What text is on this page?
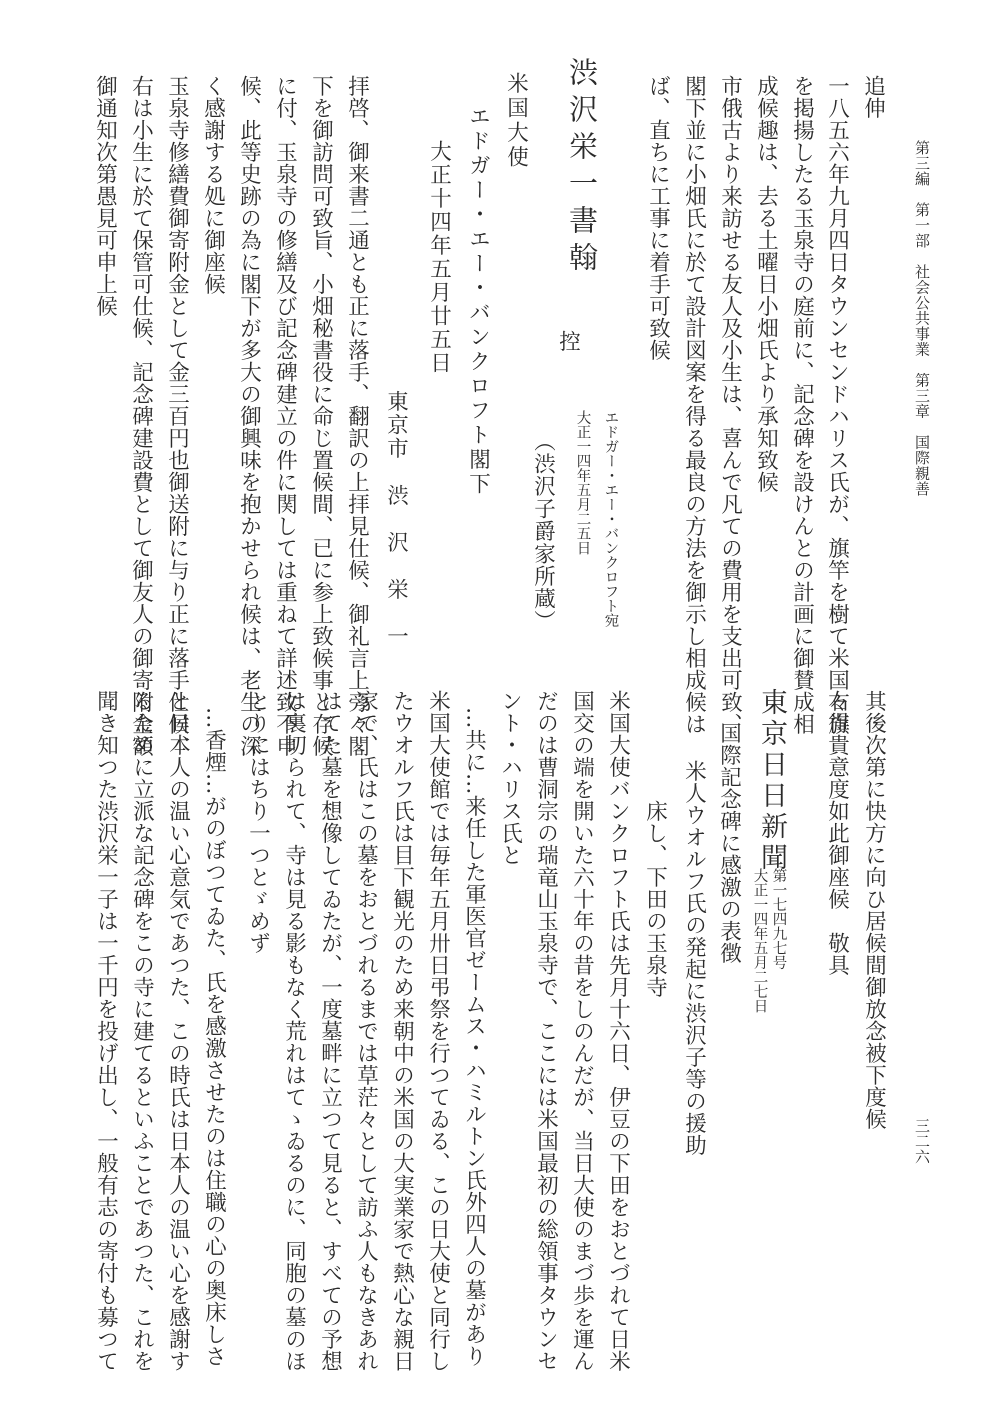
第三編　第一部　社会公共事業　第三章　国際親善
三二六
追伸
一八五六年九月四日タウンセンドハリス氏が、旗竿を樹て米国々旗
を掲揚したる玉泉寺の庭前に、記念碑を設けんとの計画に御賛成相
成候趣は、去る土曜日小畑氏より承知致候
市俄古より来訪せる友人及小生は、喜んで凡ての費用を支出可致、
閣下並に小畑氏に於て設計図案を得る最良の方法を御示し相成候は
ば、直ちに工事に着手可致候
（渋沢子爵家所蔵）	エドガー・エー・バンクロフト宛
大正一四年五月二五日
渋沢栄一書翰
控
米国大使
エドガー・エー・バンクロフト閣下
大正十四年五月廿五日
東京市　渋　沢　栄　一
拝啓、御来書二通とも正に落手、翻訳の上拝見仕候、御礼言上旁々閣
下を御訪問可致旨、小畑秘書役に命じ置候間、已に参上致候事と存候
に付、玉泉寺の修繕及び記念碑建立の件に関しては重ねて詳述致不申
候、此等史跡の為に閣下が多大の御興味を抱かせられ候は、老生の深
く感謝する処に御座候
玉泉寺修繕費御寄附金として金三百円也御送附に与り正に落手仕候、
右は小生に於て保管可仕候、記念碑建設費として御友人の御寄附金額
御通知次第愚見可申上候
其後次第に快方に向ひ居候間御放念被下度候
右得貴意度如此御座候　敬具
東京日日新聞
第一七四九七号
大正一四年五月二七日
国際記念碑に感激の表徴
米人ウオルフ氏の発起に渋沢子等の援助
床し、下田の玉泉寺
米国大使バンクロフト氏は先月十六日、伊豆の下田をおとづれて日米
国交の端を開いた六十年の昔をしのんだが、当日大使のまづ歩を運ん
だのは曹洞宗の瑞竜山玉泉寺で、ここには米国最初の総領事タウンセ
ント・ハリス氏と
…共に…来任した軍医官ゼームス・ハミルトン氏外四人の墓があり
米国大使館では毎年五月卅日弔祭を行つてゐる、この日大使と同行し
たウオルフ氏は目下観光のため来朝中の米国の大実業家で熱心な親日
家で、氏はこの墓をおとづれるまでは草茫々として訪ふ人もなきあれ
はてた墓を想像してゐたが、一度墓畔に立つて見ると、すべての予想
は裏切られて、寺は見る影もなく荒れはてゝゐるのに、同胞の墓のほ
とりにはちり一つとゞめず
…香煙…がのぼつてゐた、氏を感激させたのは住職の心の奥床しさ
と日本人の温い心意気であつた、この時氏は日本人の温い心を感謝す
るために立派な記念碑をこの寺に建てるといふことであつた、これを
聞き知つた渋沢栄一子は一千円を投げ出し、一般有志の寄付も募つて
